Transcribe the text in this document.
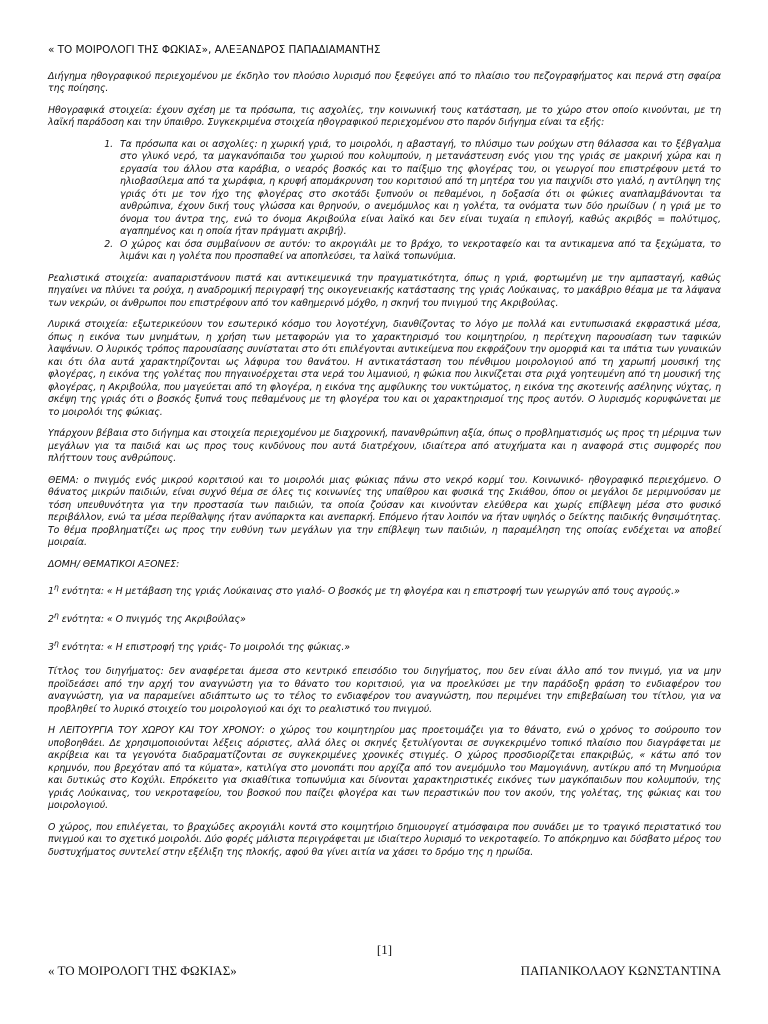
« ΤΟ ΜΟΙΡΟΛΟΓΙ ΤΗΣ ΦΩΚΙΑΣ», ΑΛΕΞΑΝΔΡΟΣ ΠΑΠΑΔΙΑΜΑΝΤΗΣ

Διήγημα ηθογραφικού περιεχομένου με έκδηλο τον πλούσιο λυρισμό που ξεφεύγει από το πλαίσιο του πεζογραφήματος και περνά στη σφαίρα της ποίησης.

Ηθογραφικά στοιχεία: έχουν σχέση με τα πρόσωπα, τις ασχολίες, την κοινωνική τους κατάσταση, με το χώρο στον οποίο κινούνται, με τη λαϊκή παράδοση και την ύπαιθρο. Συγκεκριμένα στοιχεία ηθογραφικού περιεχομένου στο παρόν διήγημα είναι τα εξής:

1. Τα πρόσωπα και οι ασχολίες: η χωρική γριά, το μοιρολόι, η αβασταγή, το πλύσιμο των ρούχων στη θάλασσα και το ξέβγαλμα στο γλυκό νερό, τα μαγκανόπαιδα του χωριού που κολυμπούν, η μετανάστευση ενός γιου της γριάς σε μακρινή χώρα και η εργασία του άλλου στα καράβια, ο νεαρός βοσκός και το παίξιμο της φλογέρας του, οι γεωργοί που επιστρέφουν μετά το ηλιοβασίλεμα από τα χωράφια, η κρυφή απομάκρυνση του κοριτσιού από τη μητέρα του για παιχνίδι στο γιαλό, η αντίληψη της γριάς ότι με τον ήχο της φλογέρας στο σκοτάδι ξυπνούν οι πεθαμένοι, η δοξασία ότι οι φώκιες αναπλαμβάνονται τα ανθρώπινα, έχουν δική τους γλώσσα και θρηνούν, ο ανεμόμυλος και η γολέτα, τα ονόματα των δύο ηρωίδων ( η γριά με το όνομα του άντρα της, ενώ το όνομα Ακριβούλα είναι λαϊκό και δεν είναι τυχαία η επιλογή, καθώς ακριβός = πολύτιμος, αγαπημένος και η οποία ήταν πράγματι ακριβή).
2. Ο χώρος και όσα συμβαίνουν σε αυτόν: το ακρογιάλι με το βράχο, το νεκροταφείο και τα αντικαμενα από τα ξεχώματα, το λιμάνι και η γολέτα που προσπαθεί να αποπλεύσει, τα λαϊκά τοπωνύμια.

Ρεαλιστικά στοιχεία: αναπαριστάνουν πιστά και αντικειμενικά την πραγματικότητα, όπως η γριά, φορτωμένη με την αμπασταγή, καθώς πηγαίνει να πλύνει τα ρούχα, η αναδρομική περιγραφή της οικογενειακής κατάστασης της γριάς Λούκαινας, το μακάβριο θέαμα με τα λάψανα των νεκρών, οι άνθρωποι που επιστρέφουν από τον καθημερινό μόχθο, η σκηνή του πνιγμού της Ακριβούλας.

Λυρικά στοιχεία: εξωτερικεύουν τον εσωτερικό κόσμο του λογοτέχνη, διανθίζοντας το λόγο με πολλά και εντυπωσιακά εκφραστικά μέσα, όπως η εικόνα των μνημάτων, η χρήση των μεταφορών για το χαρακτηρισμό του κοιμητηρίου, η περίτεχνη παρουσίαση των ταφικών λαψάνων. Ο λυρικός τρόπος παρουσίασης συνίσταται στο ότι επιλέγονται αντικείμενα που εκφράζουν την ομορφιά και τα ιπάτια των γυναικών και ότι όλα αυτά χαρακτηρίζονται ως λάφυρα του θανάτου. Η αντικατάσταση του πένθιμου μοιρολογιού από τη χαρωπή μουσική της φλογέρας, η εικόνα της γολέτας που πηγαινοέρχεται στα νερά του λιμανιού, η φώκια που λικνίζεται στα ριχά γοητευμένη από τη μουσική της φλογέρας, η Ακριβούλα, που μαγεύεται από τη φλογέρα, η εικόνα της αμφίλυκης του νυκτώματος, η εικόνα της σκοτεινής ασέληνης νύχτας, η σκέψη της γριάς ότι ο βοσκός ξυπνά τους πεθαμένους με τη φλογέρα του και οι χαρακτηρισμοί της προς αυτόν. Ο λυρισμός κορυφώνεται με το μοιρολόι της φώκιας.

Υπάρχουν βέβαια στο διήγημα και στοιχεία περιεχομένου με διαχρονική, πανανθρώπινη αξία, όπως ο προβληματισμός ως προς τη μέριμνα των μεγάλων για τα παιδιά και ως προς τους κινδύνους που αυτά διατρέχουν, ιδιαίτερα από ατυχήματα και η αναφορά στις συμφορές που πλήττουν τους ανθρώπους.

ΘΕΜΑ: ο πνιγμός ενός μικρού κοριτσιού και το μοιρολόι μιας φώκιας πάνω στο νεκρό κορμί του. Κοινωνικό- ηθογραφικό περιεχόμενο. Ο θάνατος μικρών παιδιών, είναι συχνό θέμα σε όλες τις κοινωνίες της υπαίθρου και φυσικά της Σκιάθου, όπου οι μεγάλοι δε μεριμνούσαν με τόση υπευθυνότητα για την προστασία των παιδιών, τα οποία ζούσαν και κινούνταν ελεύθερα και χωρίς επίβλεψη μέσα στο φυσικό περιβάλλον, ενώ τα μέσα περίθαλψης ήταν ανύπαρκτα και ανεπαρκή. Επόμενο ήταν λοιπόν να ήταν υψηλός ο δείκτης παιδικής θνησιμότητας. Το θέμα προβληματίζει ως προς την ευθύνη των μεγάλων για την επίβλεψη των παιδιών, η παραμέληση της οποίας ενδέχεται να αποβεί μοιραία.

ΔΟΜΗ/ ΘΕΜΑΤΙΚΟΙ ΑΞΟΝΕΣ:

$1^\eta$ ενότητα: « Η μετάβαση της γριάς Λούκαινας στο γιαλό- Ο βοσκός με τη φλογέρα και η επιστροφή των γεωργών από τους αγρούς.»

$2^\eta$ ενότητα: « Ο πνιγμός της Ακριβούλας»

$3^\eta$ ενότητα: « Η επιστροφή της γριάς- Το μοιρολόι της φώκιας.»

Τίτλος του διηγήματος: δεν αναφέρεται άμεσα στο κεντρικό επεισόδιο του διηγήματος, που δεν είναι άλλο από τον πνιγμό, για να μην προϊδεάσει από την αρχή τον αναγνώστη για το θάνατο του κοριτσιού, για να προελκύσει με την παράδοξη φράση το ενδιαφέρον του αναγνώστη, για να παραμείνει αδιάπτωτο ως το τέλος το ενδιαφέρον του αναγνώστη, που περιμένει την επιβεβαίωση του τίτλου, για να προβληθεί το λυρικό στοιχείο του μοιρολογιού και όχι το ρεαλιστικό του πνιγμού.

Η ΛΕΙΤΟΥΡΓΙΑ ΤΟΥ ΧΩΡΟΥ ΚΑΙ ΤΟΥ ΧΡΟΝΟΥ: ο χώρος του κοιμητηρίου μας προετοιμάζει για το θάνατο, ενώ ο χρόνος το σούρουπο τον υποβοηθάει. Δε χρησιμοποιούνται λέξεις αόριστες, αλλά όλες οι σκηνές ξετυλίγονται σε συγκεκριμένο τοπικό πλαίσιο που διαγράφεται με ακρίβεια και τα γεγονότα διαδραματίζονται σε συγκεκριμένες χρονικές στιγμές. Ο χώρος προσδιορίζεται επακριβώς, « κάτω από τον κρημνόν, που βρεχόταν από τα κύματα», κατιλίγα στο μονοπάτι που αρχίζα από τον ανεμόμυλο του Μαμογιάννη, αντίκρυ από τη Μνημούρια και δυτικώς στο Κοχύλι. Επρόκειτο για σκιαθίτικα τοπωνύμια και δίνονται χαρακτηριστικές εικόνες των μαγκόπαιδων που κολυμπούν, της γριάς Λούκαινας, του νεκροταφείου, του βοσκού που παίζει φλογέρα και των περαστικών που τον ακούν, της γολέτας, της φώκιας και του μοιρολογιού.

Ο χώρος, που επιλέγεται, το βραχώδες ακρογιάλι κοντά στο κοιμητήριο δημιουργεί ατμόσφαιρα που συνάδει με το τραγικό περιστατικό του πνιγμού και το σχετικό μοιρολόι. Δύο φορές μάλιστα περιγράφεται με ιδιαίτερο λυρισμό το νεκροταφείο. Το απόκρημνο και δύσβατο μέρος του δυστυχήματος συντελεί στην εξέλιξη της πλοκής, αφού θα γίνει αιτία να χάσει το δρόμο της η ηρωίδα.

[1]
« ΤΟ ΜΟΙΡΟΛΟΓΙ ΤΗΣ ΦΩΚΙΑΣ»	ΠΑΠΑΝΙΚΟΛΑΟΥ ΚΩΝΣΤΑΝΤΙΝΑ
